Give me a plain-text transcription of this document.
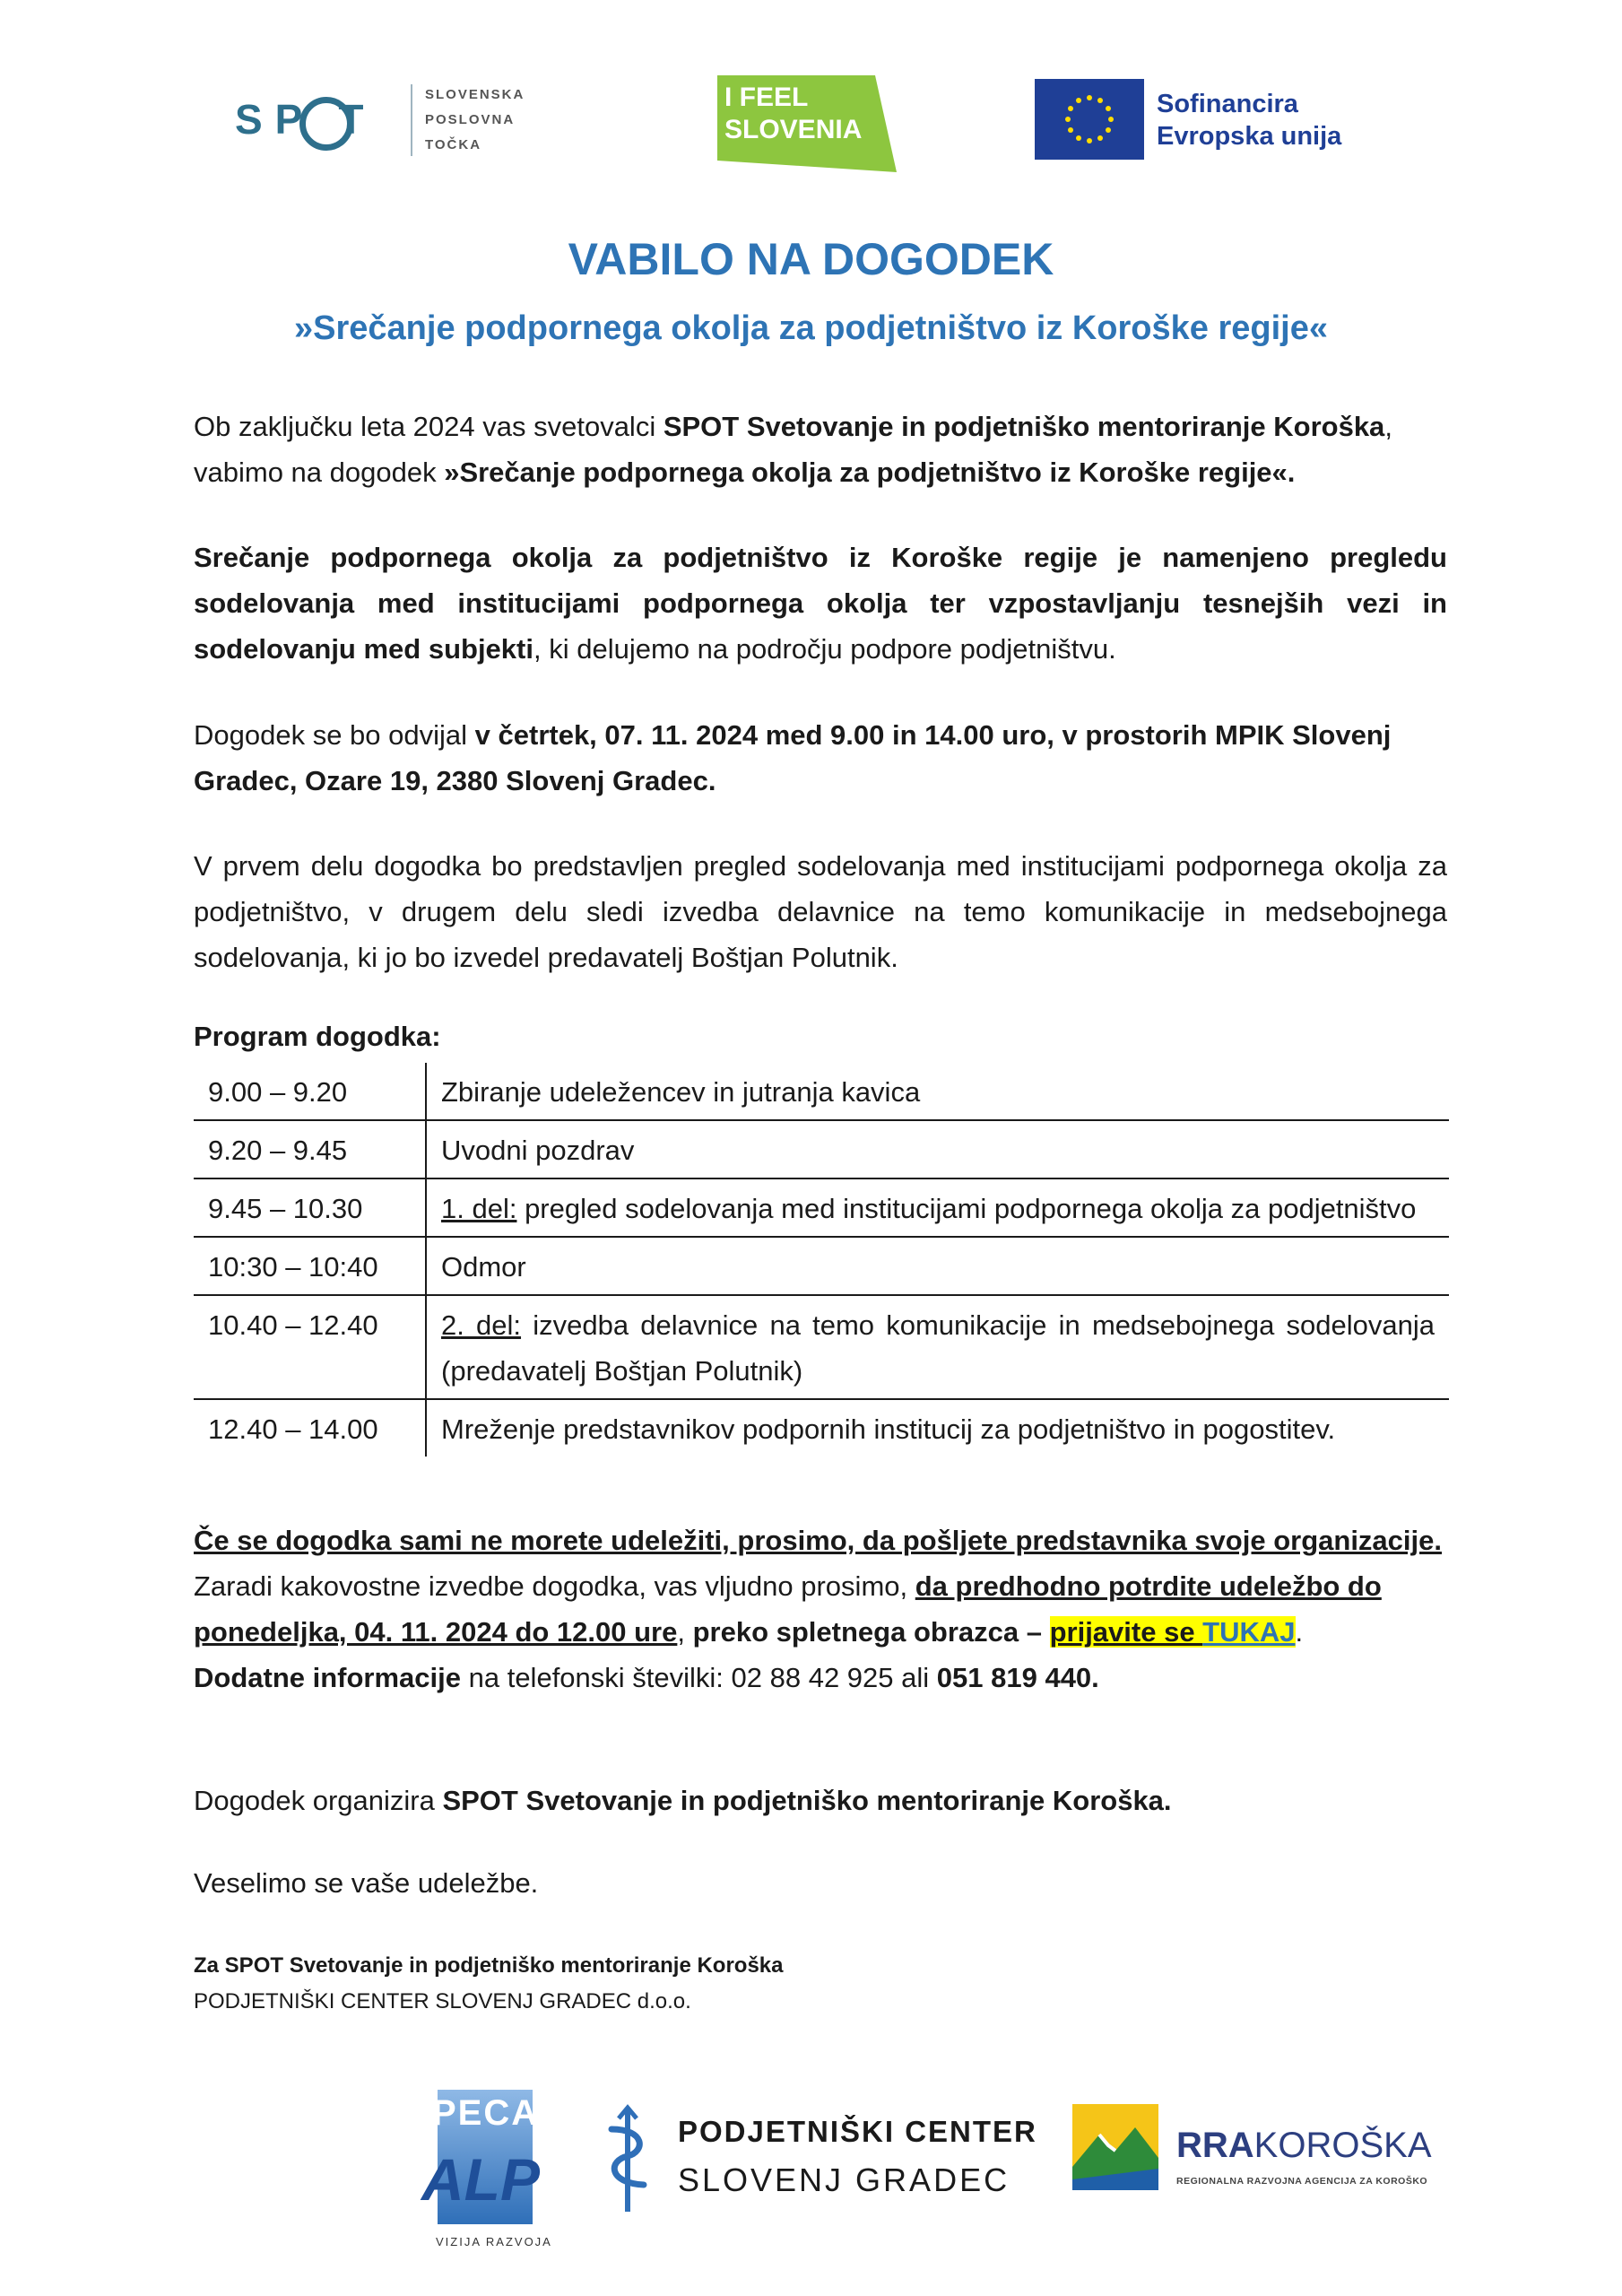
SP T
SLOVENSKA
POSLOVNA
TOČKA
I FEEL
SLOVENIA
Sofinancira
Evropska unija
VABILO NA DOGODEK
»Srečanje podpornega okolja za podjetništvo iz Koroške regije«
Ob zaključku leta 2024 vas svetovalci SPOT Svetovanje in podjetniško mentoriranje Koroška, vabimo na dogodek »Srečanje podpornega okolja za podjetništvo iz Koroške regije«.
Srečanje podpornega okolja za podjetništvo iz Koroške regije je namenjeno pregledu sodelovanja med institucijami podpornega okolja ter vzpostavljanju tesnejših vezi in sodelovanju med subjekti, ki delujemo na področju podpore podjetništvu.
Dogodek se bo odvijal v četrtek, 07. 11. 2024 med 9.00 in 14.00 uro, v prostorih MPIK Slovenj Gradec, Ozare 19, 2380 Slovenj Gradec.
V prvem delu dogodka bo predstavljen pregled sodelovanja med institucijami podpornega okolja za podjetništvo, v drugem delu sledi izvedba delavnice na temo komunikacije in medsebojnega sodelovanja, ki jo bo izvedel predavatelj Boštjan Polutnik.
Program dogodka:
9.00 – 9.20	Zbiranje udeležencev in jutranja kavica
9.20 – 9.45	Uvodni pozdrav
9.45 – 10.30	1. del: pregled sodelovanja med institucijami podpornega okolja za podjetništvo
10:30 – 10:40	Odmor
10.40 – 12.40	2. del: izvedba delavnice na temo komunikacije in medsebojnega sodelovanja (predavatelj Boštjan Polutnik)
12.40 – 14.00	Mreženje predstavnikov podpornih institucij za podjetništvo in pogostitev.
Če se dogodka sami ne morete udeležiti, prosimo, da pošljete predstavnika svoje organizacije.
Zaradi kakovostne izvedbe dogodka, vas vljudno prosimo, da predhodno potrdite udeležbo do ponedeljka, 04. 11. 2024 do 12.00 ure, preko spletnega obrazca – prijavite se TUKAJ.
Dodatne informacije na telefonski številki: 02 88 42 925 ali 051 819 440.
Dogodek organizira SPOT Svetovanje in podjetniško mentoriranje Koroška.
Veselimo se vaše udeležbe.
Za SPOT Svetovanje in podjetniško mentoriranje Koroška
PODJETNIŠKI CENTER SLOVENJ GRADEC d.o.o.
PECA
ALP
VIZIJA RAZVOJA
PODJETNIŠKI CENTER
SLOVENJ GRADEC
RRAKOROŠKA
REGIONALNA RAZVOJNA AGENCIJA ZA KOROŠKO
